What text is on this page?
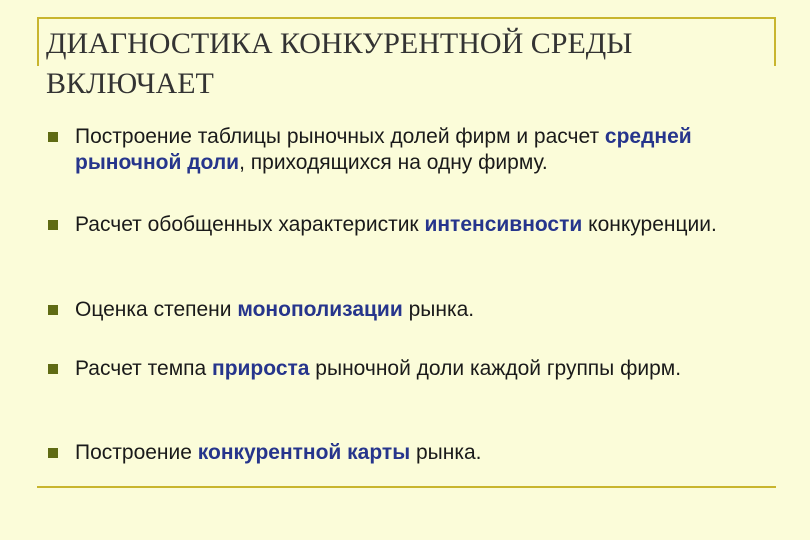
ДИАГНОСТИКА КОНКУРЕНТНОЙ СРЕДЫ
ВКЛЮЧАЕТ
Построение таблицы рыночных долей фирм и расчет средней рыночной доли, приходящихся на одну фирму.
Расчет обобщенных характеристик интенсивности конкуренции.
Оценка степени монополизации рынка.
Расчет темпа прироста рыночной доли каждой группы фирм.
Построение конкурентной карты рынка.
